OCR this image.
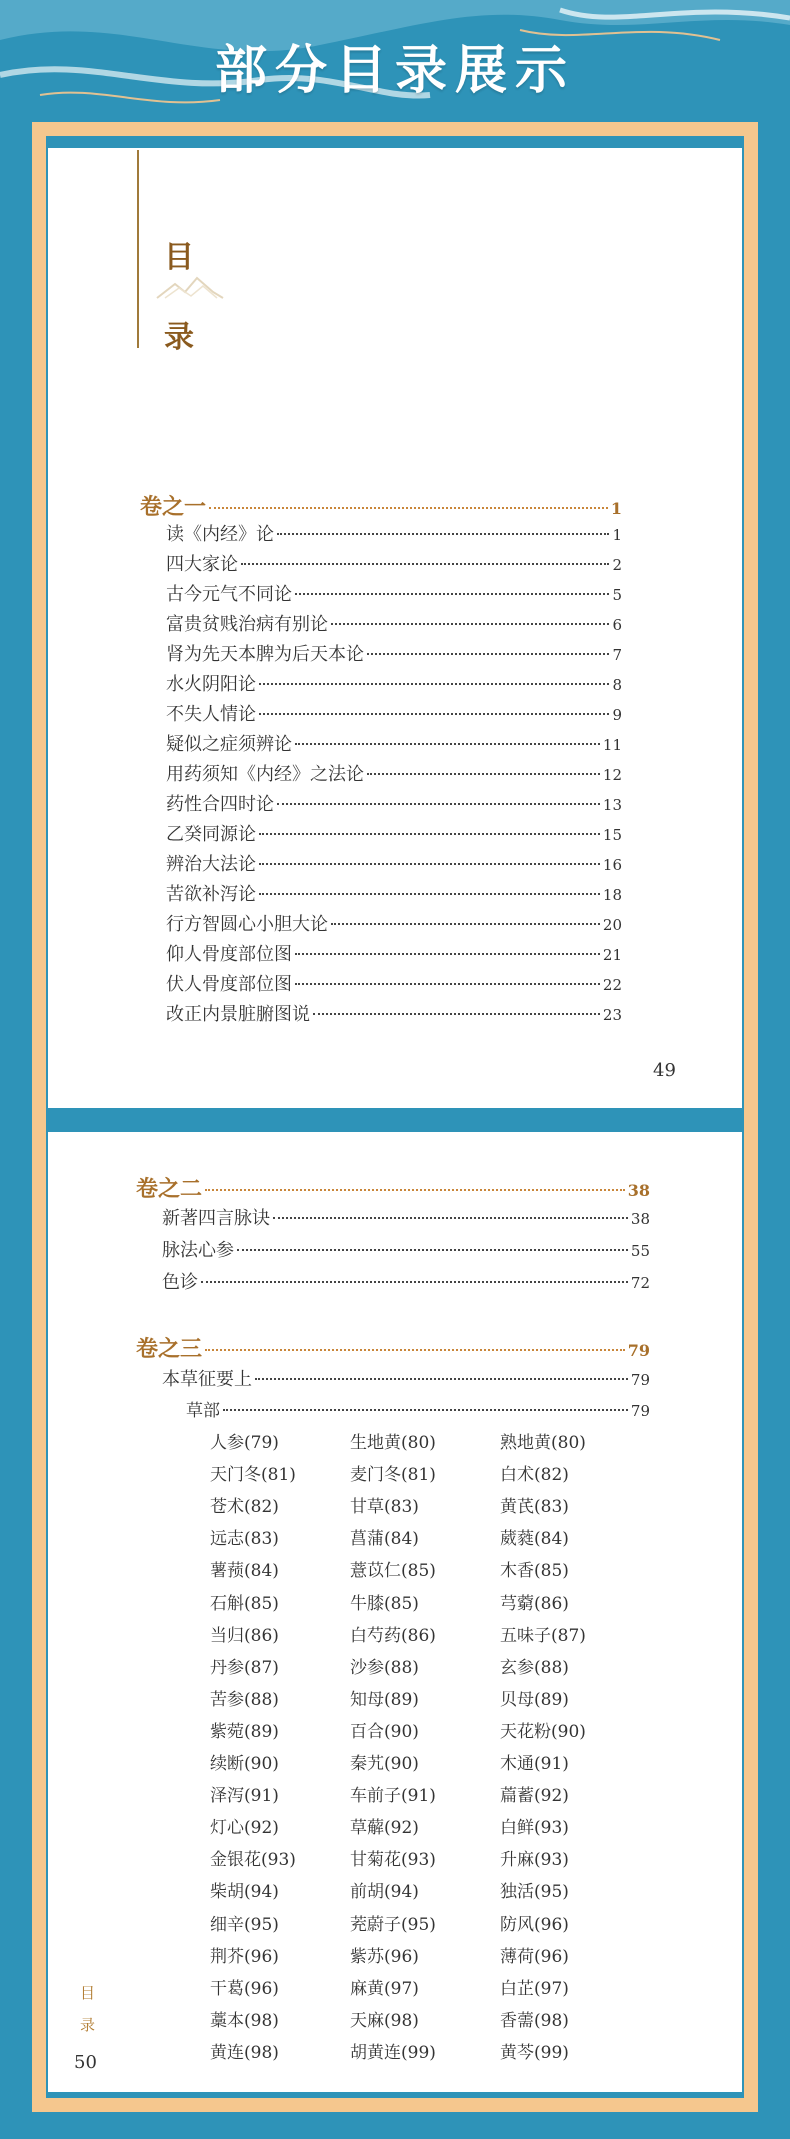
部分目录展示
目
录
卷之一	1
读《内经》论	1
四大家论	2
古今元气不同论	5
富贵贫贱治病有别论	6
肾为先天本脾为后天本论	7
水火阴阳论	8
不失人情论	9
疑似之症须辨论	11
用药须知《内经》之法论	12
药性合四时论	13
乙癸同源论	15
辨治大法论	16
苦欲补泻论	18
行方智圆心小胆大论	20
仰人骨度部位图	21
伏人骨度部位图	22
改正内景脏腑图说	23
49
卷之二	38
新著四言脉诀	38
脉法心参	55
色诊	72
卷之三	79
本草征要上	79
草部	79
人参(79)	生地黄(80)	熟地黄(80)
天门冬(81)	麦门冬(81)	白术(82)
苍术(82)	甘草(83)	黄芪(83)
远志(83)	菖蒲(84)	葳蕤(84)
薯蓣(84)	薏苡仁(85)	木香(85)
石斛(85)	牛膝(85)	芎藭(86)
当归(86)	白芍药(86)	五味子(87)
丹参(87)	沙参(88)	玄参(88)
苦参(88)	知母(89)	贝母(89)
紫菀(89)	百合(90)	天花粉(90)
续断(90)	秦艽(90)	木通(91)
泽泻(91)	车前子(91)	萹蓄(92)
灯心(92)	草薢(92)	白鲜(93)
金银花(93)	甘菊花(93)	升麻(93)
柴胡(94)	前胡(94)	独活(95)
细辛(95)	茺蔚子(95)	防风(96)
荆芥(96)	紫苏(96)	薄荷(96)
干葛(96)	麻黄(97)	白芷(97)
藁本(98)	天麻(98)	香薷(98)
黄连(98)	胡黄连(99)	黄芩(99)
目
录
50
